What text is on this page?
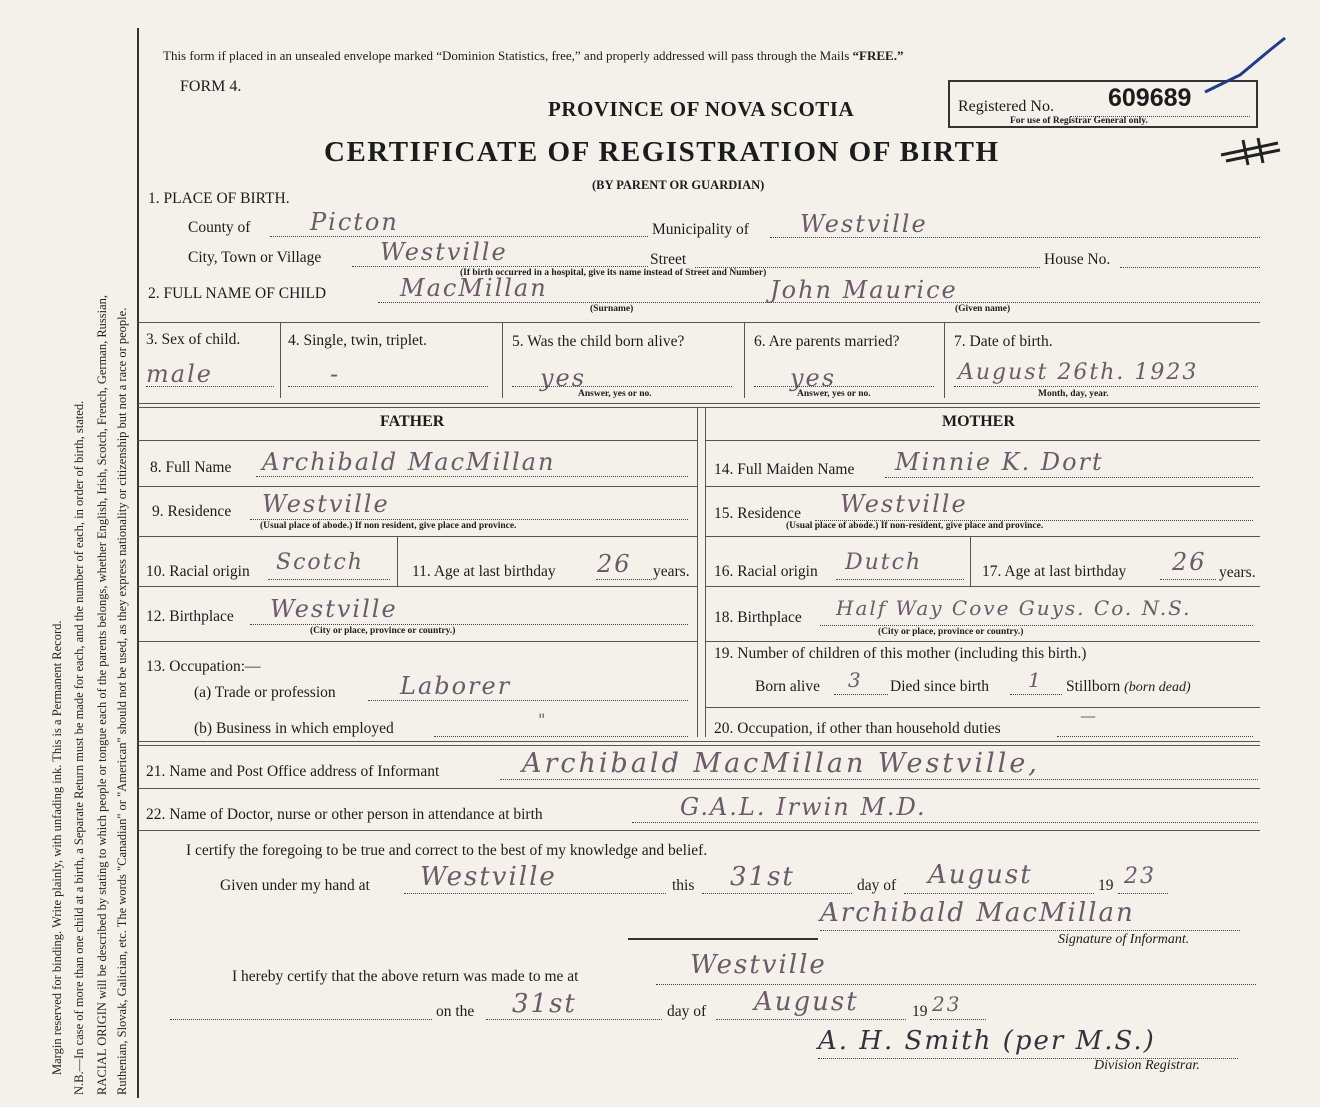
Margin reserved for binding. Write plainly, with unfading ink. This is a Permanent Record. N.B.—In case of more than one child at a birth, a Separate Return must be made for each, and the number of each, in order of birth, stated. RACIAL ORIGIN will be described by stating to which people or tongue each of the parents belongs, whether English, Irish, Scotch, French, German, Russian, Ruthenian, Slovak, Galician, etc. The words "Canadian" or "American" should not be used, as they express nationality or citizenship but not a race or people.
This form if placed in an unsealed envelope marked “Dominion Statistics, free,” and properly addressed will pass through the Mails “FREE.”
FORM 4.
PROVINCE OF NOVA SCOTIA	Registered No. 609689
For use of Registrar General only.
CERTIFICATE OF REGISTRATION OF BIRTH
(BY PARENT OR GUARDIAN)
1. PLACE OF BIRTH.
County of Picton	Municipality of Westville
City, Town or Village Westville	Street	House No.
(If birth occurred in a hospital, give its name instead of Street and Number)
2. FULL NAME OF CHILD	MacMillan	John Maurice
(Surname)	(Given name)
3. Sex of child.
male
4. Single, twin, triplet.
-
5. Was the child born alive?
yes
Answer, yes or no.
6. Are parents married?
yes
Answer, yes or no.
7. Date of birth.
August 26th. 1923
Month, day, year.
FATHER	MOTHER
8. Full Name Archibald MacMillan	14. Full Maiden Name Minnie K. Dort
9. Residence Westville
(Usual place of abode.) If non resident, give place and province.
15. Residence Westville
(Usual place of abode.) If non-resident, give place and province.
10. Racial origin Scotch	11. Age at last birthday 26 years. 16. Racial origin Dutch	17. Age at last birthday 26 years.
12. Birthplace Westville
(City or place, province or country.)
18. Birthplace Half Way Cove Guys. Co. N.S.
(City or place, province or country.)
13. Occupation:—
(a) Trade or profession	Laborer
(b) Business in which employed	"
19. Number of children of this mother (including this birth.)
Born alive 3 Died since birth 1 Stillborn (born dead)
20. Occupation, if other than household duties
—
21. Name and Post Office address of Informant	Archibald MacMillan Westville,
22. Name of Doctor, nurse or other person in attendance at birth	G.A.L. Irwin M.D.
I certify the foregoing to be true and correct to the best of my knowledge and belief.
Given under my hand at Westville	this 31st	day of August	19 23
Archibald MacMillan
Signature of Informant.
I hereby certify that the above return was made to me at	Westville
on the 31st	day of August	19 23
A. H. Smith (per M.S.)
Division Registrar.
